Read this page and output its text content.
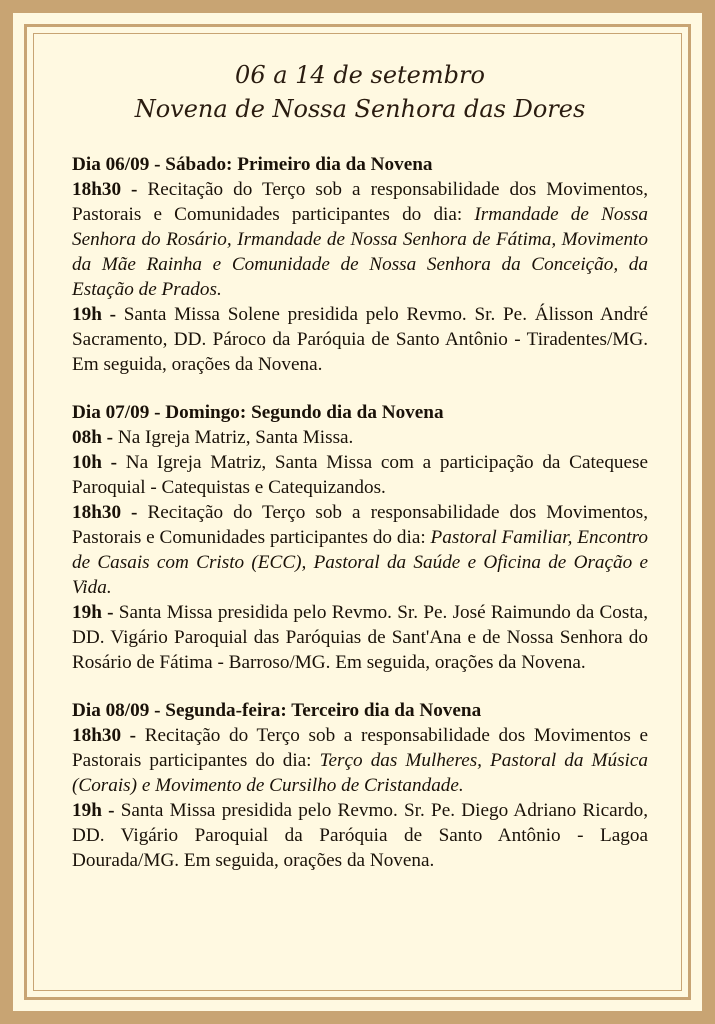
06 a 14 de setembro

Novena de Nossa Senhora das Dores

Dia 06/09 - Sábado: Primeiro dia da Novena

18h30 - Recitação do Terço sob a responsabilidade dos Movimentos, Pastorais e Comunidades participantes do dia: Irmandade de Nossa Senhora do Rosário, Irmandade de Nossa Senhora de Fátima, Movimento da Mãe Rainha e Comunidade de Nossa Senhora da Conceição, da Estação de Prados.

19h - Santa Missa Solene presidida pelo Revmo. Sr. Pe. Álisson André Sacramento, DD. Pároco da Paróquia de Santo Antônio - Tiradentes/MG. Em seguida, orações da Novena.

Dia 07/09 - Domingo: Segundo dia da Novena

08h - Na Igreja Matriz, Santa Missa.

10h - Na Igreja Matriz, Santa Missa com a participação da Catequese Paroquial - Catequistas e Catequizandos.

18h30 - Recitação do Terço sob a responsabilidade dos Movimentos, Pastorais e Comunidades participantes do dia: Pastoral Familiar, Encontro de Casais com Cristo (ECC), Pastoral da Saúde e Oficina de Oração e Vida.

19h - Santa Missa presidida pelo Revmo. Sr. Pe. José Raimundo da Costa, DD. Vigário Paroquial das Paróquias de Sant'Ana e de Nossa Senhora do Rosário de Fátima - Barroso/MG. Em seguida, orações da Novena.

Dia 08/09 - Segunda-feira: Terceiro dia da Novena

18h30 - Recitação do Terço sob a responsabilidade dos Movimentos e Pastorais participantes do dia: Terço das Mulheres, Pastoral da Música (Corais) e Movimento de Cursilho de Cristandade.

19h - Santa Missa presidida pelo Revmo. Sr. Pe. Diego Adriano Ricardo, DD. Vigário Paroquial da Paróquia de Santo Antônio - Lagoa Dourada/MG. Em seguida, orações da Novena.
